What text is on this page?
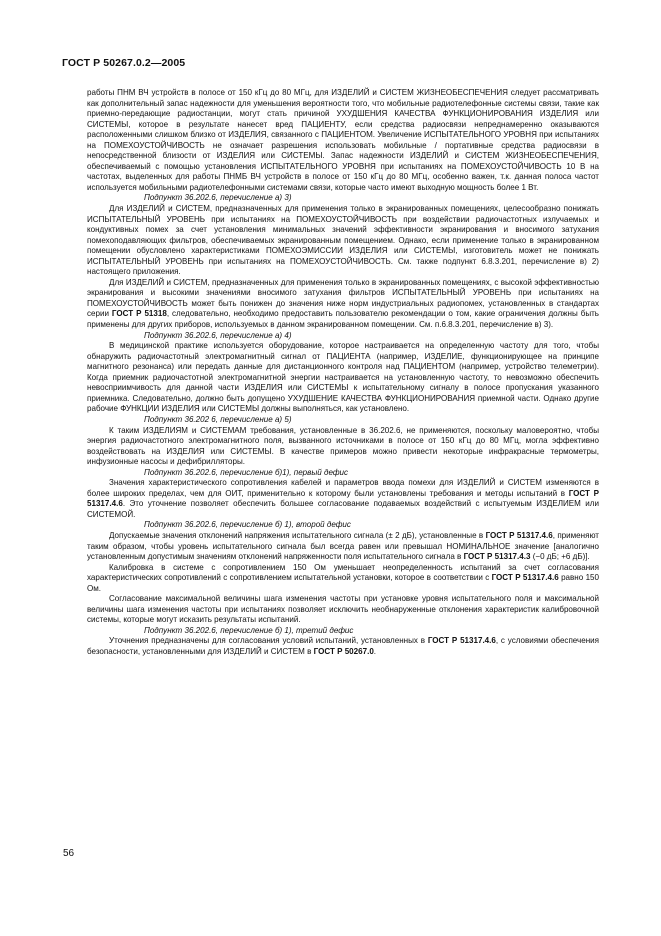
ГОСТ Р 50267.0.2—2005

работы ПНМ ВЧ устройств в полосе от 150 кГц до 80 МГц, для ИЗДЕЛИЙ и СИСТЕМ ЖИЗНЕОБЕСПЕЧЕНИЯ следует рассматривать как дополнительный запас надежности для уменьшения вероятности того, что мобильные радиотелефонные системы связи, такие как приемно-передающие радиостанции, могут стать причиной УХУДШЕНИЯ КАЧЕСТВА ФУНКЦИОНИРОВАНИЯ ИЗДЕЛИЯ или СИСТЕМЫ, которое в результате нанесет вред ПАЦИЕНТУ, если средства радиосвязи непреднамеренно оказываются расположенными слишком близко от ИЗДЕЛИЯ, связанного с ПАЦИЕНТОМ. Увеличение ИСПЫТАТЕЛЬНОГО УРОВНЯ при испытаниях на ПОМЕХОУСТОЙЧИВОСТЬ не означает разрешения использовать мобильные / портативные средства радиосвязи в непосредственной близости от ИЗДЕЛИЯ или СИСТЕМЫ. Запас надежности ИЗДЕЛИЙ и СИСТЕМ ЖИЗНЕОБЕСПЕЧЕНИЯ, обеспечиваемый с помощью установления ИСПЫТАТЕЛЬНОГО УРОВНЯ при испытаниях на ПОМЕХОУСТОЙЧИВОСТЬ 10 В на частотах, выделенных для работы ПНМБ ВЧ устройств в полосе от 150 кГц до 80 МГц, особенно важен, т.к. данная полоса частот используется мобильными радиотелефонными системами связи, которые часто имеют выходную мощность более 1 Вт.

Подпункт 36.202.6, перечисление а) 3)

Для ИЗДЕЛИЙ и СИСТЕМ, предназначенных для применения только в экранированных помещениях, целесообразно понижать ИСПЫТАТЕЛЬНЫЙ УРОВЕНЬ при испытаниях на ПОМЕХОУСТОЙЧИВОСТЬ при воздействии радиочастотных излучаемых и кондуктивных помех за счет установления минимальных значений эффективности экранирования и вносимого затухания помехоподавляющих фильтров, обеспечиваемых экранированным помещением. Однако, если применение только в экранированном помещении обусловлено характеристиками ПОМЕХОЭМИССИИ ИЗДЕЛИЯ или СИСТЕМЫ, изготовитель может не понижать ИСПЫТАТЕЛЬНЫЙ УРОВЕНЬ при испытаниях на ПОМЕХОУСТОЙЧИВОСТЬ. См. также подпункт 6.8.3.201, перечисление в) 2) настоящего приложения.

Для ИЗДЕЛИЙ и СИСТЕМ, предназначенных для применения только в экранированных помещениях, с высокой эффективностью экранирования и высокими значениями вносимого затухания фильтров ИСПЫТАТЕЛЬНЫЙ УРОВЕНЬ при испытаниях на ПОМЕХОУСТОЙЧИВОСТЬ может быть понижен до значения ниже норм индустриальных радиопомех, установленных в стандартах серии ГОСТ Р 51318, следовательно, необходимо предоставить пользователю рекомендации о том, какие ограничения должны быть применены для других приборов, используемых в данном экранированном помещении. См. п.6.8.3.201, перечисление в) 3).

Подпункт 36.202.6, перечисление а) 4)

В медицинской практике используется оборудование, которое настраивается на определенную частоту для того, чтобы обнаружить радиочастотный электромагнитный сигнал от ПАЦИЕНТА (например, ИЗДЕЛИЕ, функционирующее на принципе магнитного резонанса) или передать данные для дистанционного контроля над ПАЦИЕНТОМ (например, устройство телеметрии). Когда приемник радиочастотной электромагнитной энергии настраивается на установленную частоту, то невозможно обеспечить невосприимчивость для данной части ИЗДЕЛИЯ или СИСТЕМЫ к испытательному сигналу в полосе пропускания указанного приемника. Следовательно, должно быть допущено УХУДШЕНИЕ КАЧЕСТВА ФУНКЦИОНИРОВАНИЯ приемной части. Однако другие рабочие ФУНКЦИИ ИЗДЕЛИЯ или СИСТЕМЫ должны выполняться, как установлено.

Подпункт 36.202 6, перечисление а) 5)

К таким ИЗДЕЛИЯМ и СИСТЕМАМ требования, установленные в 36.202.6, не применяются, поскольку маловероятно, чтобы энергия радиочастотного электромагнитного поля, вызванного источниками в полосе от 150 кГц до 80 МГц, могла эффективно воздействовать на ИЗДЕЛИЯ или СИСТЕМЫ. В качестве примеров можно привести некоторые инфракрасные термометры, инфузионные насосы и дефибрилляторы.

Подпункт 36.202.6, перечисление б)1), первый дефис

Значения характеристического сопротивления кабелей и параметров ввода помехи для ИЗДЕЛИЙ и СИСТЕМ изменяются в более широких пределах, чем для ОИТ, применительно к которому были установлены требования и методы испытаний в ГОСТ Р 51317.4.6. Это уточнение позволяет обеспечить большее согласование подаваемых воздействий с испытуемым ИЗДЕЛИЕМ или СИСТЕМОЙ.

Подпункт 36.202.6, перечисление б) 1), второй дефис

Допускаемые значения отклонений напряжения испытательного сигнала (± 2 дБ), установленные в ГОСТ Р 51317.4.6, применяют таким образом, чтобы уровень испытательного сигнала был всегда равен или превышал НОМИНАЛЬНОЕ значение [аналогично установленным допустимым значениям отклонений напряженности поля испытательного сигнала в ГОСТ Р 51317.4.3 (−0 дБ; +6 дБ)].

Калибровка в системе с сопротивлением 150 Ом уменьшает неопределенность испытаний за счет согласования характеристических сопротивлений с сопротивлением испытательной установки, которое в соответствии с ГОСТ Р 51317.4.6 равно 150 Ом.

Согласование максимальной величины шага изменения частоты при установке уровня испытательного поля и максимальной величины шага изменения частоты при испытаниях позволяет исключить необнаруженные отклонения характеристик калибровочной системы, которые могут исказить результаты испытаний.

Подпункт 36.202.6, перечисление б) 1), третий дефис

Уточнения предназначены для согласования условий испытаний, установленных в ГОСТ Р 51317.4.6, с условиями обеспечения безопасности, установленными для ИЗДЕЛИЙ и СИСТЕМ в ГОСТ Р 50267.0.

56
